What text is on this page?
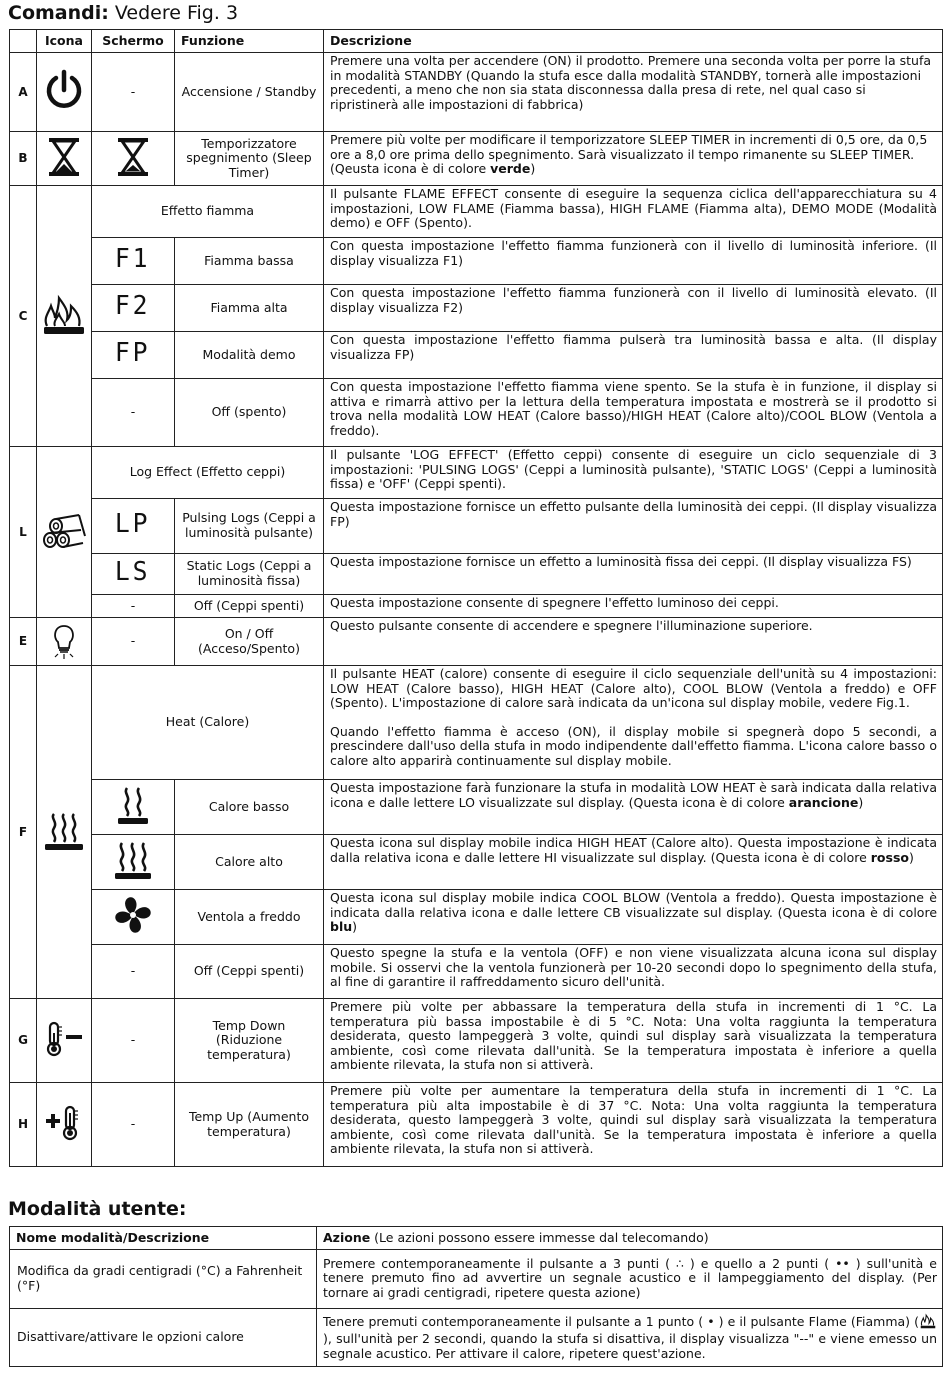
Comandi: Vedere Fig. 3
	Icona	Schermo	Funzione	Descrizione
A		-	Accensione / Standby	Premere una volta per accendere (ON) il prodotto. Premere una seconda volta per porre la stufa in modalità STANDBY (Quando la stufa esce dalla modalità STANDBY, tornerà alle impostazioni precedenti, a meno che non sia stata disconnessa dalla presa di rete, nel qual caso si ripristinerà alle impostazioni di fabbrica)
B			Temporizzatore spegnimento (Sleep Timer)	Premere più volte per modificare il temporizzatore SLEEP TIMER in incrementi di 0,5 ore, da 0,5 ore a 8,0 ore prima dello spegnimento. Sarà visualizzato il tempo rimanente su SLEEP TIMER. (Qeusta icona è di colore verde)
C		Effetto fiamma		Il pulsante FLAME EFFECT consente di eseguire la sequenza ciclica dell'apparecchiatura su 4 impostazioni, LOW FLAME (Fiamma bassa), HIGH FLAME (Fiamma alta), DEMO MODE (Modalità demo) e OFF (Spento).
		F1	Fiamma bassa	Con questa impostazione l'effetto fiamma funzionerà con il livello di luminosità inferiore. (Il display visualizza F1)
		F2	Fiamma alta	Con questa impostazione l'effetto fiamma funzionerà con il livello di luminosità elevato. (Il display visualizza F2)
		FP	Modalità demo	Con questa impostazione l'effetto fiamma pulserà tra luminosità bassa e alta. (Il display visualizza FP)
		-	Off (spento)	Con questa impostazione l'effetto fiamma viene spento. Se la stufa è in funzione, il display si attiva e rimarrà attivo per la lettura della temperatura impostata e mostrerà se il prodotto si trova nella modalità LOW HEAT (Calore basso)/HIGH HEAT (Calore alto)/COOL BLOW (Ventola a freddo).
L		Log Effect (Effetto ceppi)		Il pulsante 'LOG EFFECT' (Effetto ceppi) consente di eseguire un ciclo sequenziale di 3 impostazioni: 'PULSING LOGS' (Ceppi a luminosità pulsante), 'STATIC LOGS' (Ceppi a luminosità fissa) e 'OFF' (Ceppi spenti).
		LP	Pulsing Logs (Ceppi a luminosità pulsante)	Questa impostazione fornisce un effetto pulsante della luminosità dei ceppi. (Il display visualizza FP)
		LS	Static Logs (Ceppi a luminosità fissa)	Questa impostazione fornisce un effetto a luminosità fissa dei ceppi. (Il display visualizza FS)
		-	Off (Ceppi spenti)	Questa impostazione consente di spegnere l'effetto luminoso dei ceppi.
E		-	On / Off (Acceso/Spento)	Questo pulsante consente di accendere e spegnere l'illuminazione superiore.
F		Heat (Calore)		Il pulsante HEAT (calore) consente di eseguire il ciclo sequenziale dell'unità su 4 impostazioni: LOW HEAT (Calore basso), HIGH HEAT (Calore alto), COOL BLOW (Ventola a freddo) e OFF (Spento). L'impostazione di calore sarà indicata da un'icona sul display mobile, vedere Fig.1.

Quando l'effetto fiamma è acceso (ON), il display mobile si spegnerà dopo 5 secondi, a prescindere dall'uso della stufa in modo indipendente dall'effetto fiamma. L'icona calore basso o calore alto apparirà continuamente sul display mobile.

	Calore basso	Questa impostazione farà funzionare la stufa in modalità LOW HEAT è sarà indicata dalla relativa icona e dalle lettere LO visualizzate sul display. (Questa icona è di colore arancione)
	Calore alto	Questa icona sul display mobile indica HIGH HEAT (Calore alto). Questa impostazione è indicata dalla relativa icona e dalle lettere HI visualizzate sul display. (Questa icona è di colore rosso)
	Ventola a freddo	Questa icona sul display mobile indica COOL BLOW (Ventola a freddo). Questa impostazione è indicata dalla relativa icona e dalle lettere CB visualizzate sul display. (Questa icona è di colore blu)
		-	Off (Ceppi spenti)	Questo spegne la stufa e la ventola (OFF) e non viene visualizzata alcuna icona sul display mobile. Si osservi che la ventola funzionerà per 10-20 secondi dopo lo spegnimento della stufa, al fine di garantire il raffreddamento sicuro dell'unità.
G		-	Temp Down (Riduzione temperatura)	Premere più volte per abbassare la temperatura della stufa in incrementi di 1 °C. La temperatura più bassa impostabile è di 5 °C. Nota: Una volta raggiunta la temperatura desiderata, questo lampeggerà 3 volte, quindi sul display sarà visualizzata la temperatura ambiente, così come rilevata dall'unità. Se la temperatura impostata è inferiore a quella ambiente rilevata, la stufa non si attiverà.
H		-	Temp Up (Aumento temperatura)	Premere più volte per aumentare la temperatura della stufa in incrementi di 1 °C. La temperatura più alta impostabile è di 37 °C. Nota: Una volta raggiunta la temperatura desiderata, questo lampeggerà 3 volte, quindi sul display sarà visualizzata la temperatura ambiente, così come rilevata dall'unità. Se la temperatura impostata è inferiore a quella ambiente rilevata, la stufa non si attiverà.
Modalità utente:
Nome modalità/Descrizione	Azione (Le azioni possono essere immesse dal telecomando)
Modifica da gradi centigradi (°C) a Fahrenheit (°F)	Premere contemporaneamente il pulsante a 3 punti ( ∴ ) e quello a 2 punti ( •• ) sull'unità e tenere premuto fino ad avvertire un segnale acustico e il lampeggiamento del display. (Per tornare ai gradi centigradi, ripetere questa azione)
Disattivare/attivare le opzioni calore	Tenere premuti contemporaneamente il pulsante a 1 punto ( • ) e il pulsante Flame (Fiamma) (), sull'unità per 2 secondi, quando la stufa si disattiva, il display visualizza "--" e viene emesso un segnale acustico. Per attivare il calore, ripetere quest'azione.
